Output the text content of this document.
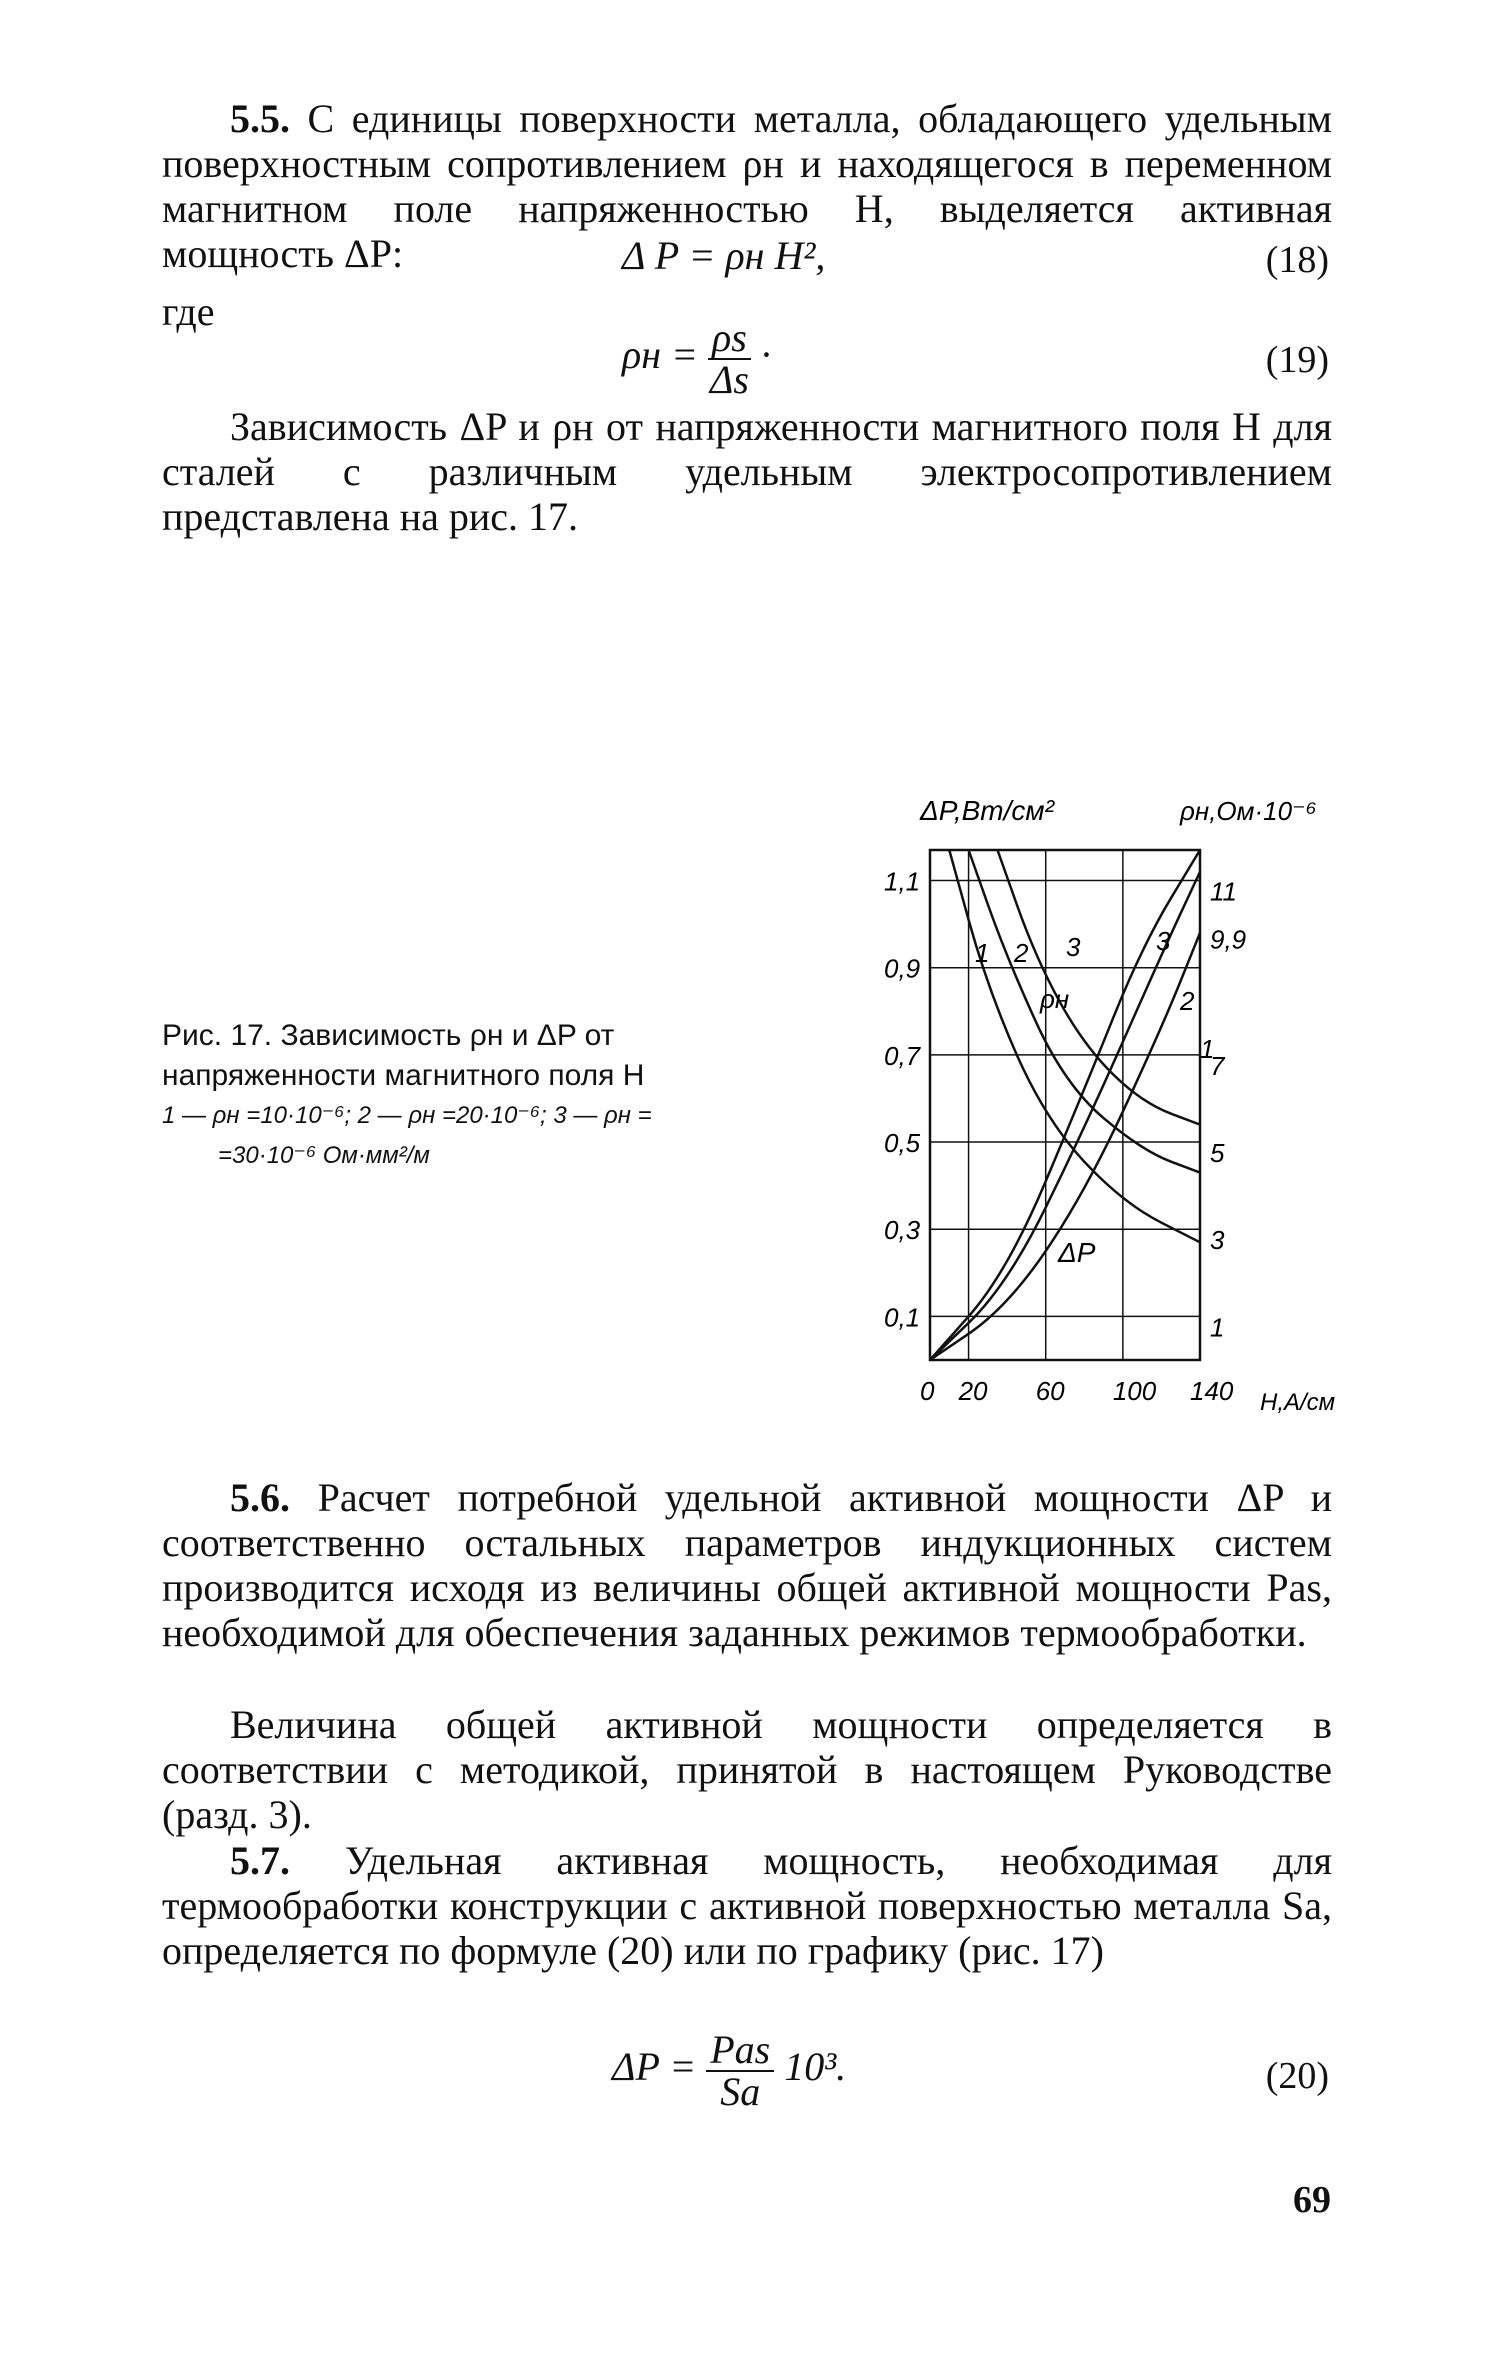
5.5. С единицы поверхности металла, обладающего удельным поверхностным сопротивлением ρн и находящегося в переменном магнитном поле напряженностью H, выделяется активная мощность ΔP:	Δ P = ρн H²,	(18)
где
$\rho н = \frac{\rho s}{\Delta s}$ ·	(19)

Зависимость ΔP и ρн от напряженности магнитного поля H для сталей с различным удельным электросопротивлением представлена на рис. 17.

Рис. 17. Зависимость ρн и ΔP от напряженности магнитного поля H
1 — ρн =10·10⁻⁶; 2 — ρн =20·10⁻⁶; 3 — ρн =
=30·10⁻⁶ Ом·мм²/м
0 20 60 100 140
0,1
0,3
0,5
0,7
0,9
1,1
1
3
5
7
9,9
11
ΔP,Вт/см²	ρн,Ом·10⁻⁶
H,А/см
ρн
ΔP
1 2 3	3
2
1

5.6. Расчет потребной удельной активной мощности ΔP и соответственно остальных параметров индукционных систем производится исходя из величины общей активной мощности Pas, необходимой для обеспечения заданных режимов термообработки.

Величина общей активной мощности определяется в соответствии с методикой, принятой в настоящем Руководстве (разд. 3).

5.7. Удельная активная мощность, необходимая для термообработки конструкции с активной поверхностью металла Sa, определяется по формуле (20) или по графику (рис. 17)

$\Delta P = \frac{\text{Pas}}{Sa} 10^3$.	(20)
69
